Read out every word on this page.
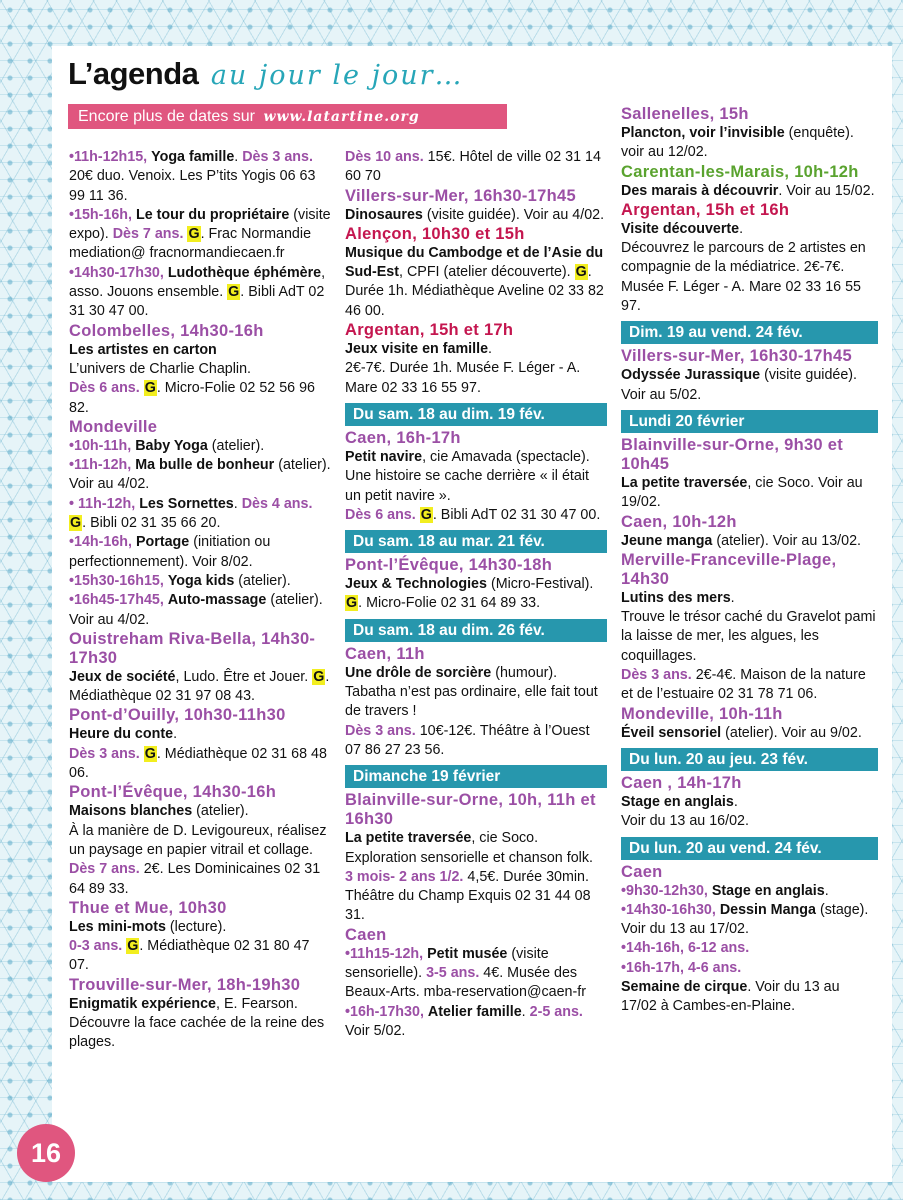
L’agenda au jour le jour…
Encore plus de dates sur www.latartine.org

•11h-12h15, Yoga famille. Dès 3 ans. 20€ duo. Venoix. Les P’tits Yogis 06 63 99 11 36.

•15h-16h, Le tour du propriétaire (visite expo). Dès 7 ans. G. Frac Normandie mediation@ fracnormandiecaen.fr

•14h30-17h30, Ludothèque éphémère, asso. Jouons ensemble. G. Bibli AdT 02 31 30 47 00.

Colombelles, 14h30-16h

Les artistes en carton
L’univers de Charlie Chaplin.
Dès 6 ans. G. Micro-Folie 02 52 56 96 82.

Mondeville

•10h-11h, Baby Yoga (atelier).

•11h-12h, Ma bulle de bonheur (atelier).
Voir au 4/02.

• 11h-12h, Les Sornettes. Dès 4 ans. G. Bibli 02 31 35 66 20.

•14h-16h, Portage (initiation ou perfectionnement). Voir 8/02.

•15h30-16h15, Yoga kids (atelier).

•16h45-17h45, Auto-massage (atelier). Voir au 4/02.

Ouistreham Riva-Bella, 14h30-17h30

Jeux de société, Ludo. Être et Jouer. G. Médiathèque 02 31 97 08 43.

Pont-d’Ouilly, 10h30-11h30

Heure du conte.
Dès 3 ans. G. Médiathèque 02 31 68 48 06.

Pont-l’Évêque, 14h30-16h

Maisons blanches (atelier).
À la manière de D. Levigoureux, réalisez un paysage en papier vitrail et collage.
Dès 7 ans. 2€. Les Dominicaines 02 31 64 89 33.

Thue et Mue, 10h30

Les mini-mots (lecture).
0-3 ans. G. Médiathèque 02 31 80 47 07.

Trouville-sur-Mer, 18h-19h30

Enigmatik expérience, E. Fearson.
Découvre la face cachée de la reine des plages.

Dès 10 ans. 15€. Hôtel de ville 02 31 14 60 70

Villers-sur-Mer, 16h30-17h45

Dinosaures (visite guidée). Voir au 4/02.

Alençon, 10h30 et 15h

Musique du Cambodge et de l’Asie du Sud-Est, CPFI (atelier découverte). G. Durée 1h. Médiathèque Aveline 02 33 82 46 00.

Argentan, 15h et 17h

Jeux visite en famille.
2€-7€. Durée 1h. Musée F. Léger - A. Mare 02 33 16 55 97.

Du sam. 18 au dim. 19 fév.
Caen, 16h-17h

Petit navire, cie Amavada (spectacle).
Une histoire se cache derrière « il était un petit navire ».
Dès 6 ans. G. Bibli AdT 02 31 30 47 00.

Du sam. 18 au mar. 21 fév.
Pont-l’Évêque, 14h30-18h

Jeux & Technologies (Micro-Festival).
G. Micro-Folie 02 31 64 89 33.

Du sam. 18 au dim. 26 fév.
Caen, 11h

Une drôle de sorcière (humour).
Tabatha n’est pas ordinaire, elle fait tout de travers !
Dès 3 ans. 10€-12€. Théâtre à l’Ouest 07 86 27 23 56.

Dimanche 19 février
Blainville-sur-Orne, 10h, 11h et 16h30

La petite traversée, cie Soco.
Exploration sensorielle et chanson folk.
3 mois- 2 ans 1/2. 4,5€. Durée 30min. Théâtre du Champ Exquis 02 31 44 08 31.

Caen

•11h15-12h, Petit musée (visite sensorielle). 3-5 ans. 4€. Musée des Beaux-Arts. mba-reservation@caen-fr

•16h-17h30, Atelier famille. 2-5 ans. Voir 5/02.

Sallenelles, 15h

Plancton, voir l’invisible (enquête). voir au 12/02.

Carentan-les-Marais, 10h-12h

Des marais à découvrir. Voir au 15/02.

Argentan, 15h et 16h

Visite découverte.
Découvrez le parcours de 2 artistes en compagnie de la médiatrice. 2€-7€. Musée F. Léger - A. Mare 02 33 16 55 97.

Dim. 19 au vend. 24 fév.
Villers-sur-Mer, 16h30-17h45

Odyssée Jurassique (visite guidée). Voir au 5/02.

Lundi 20 février
Blainville-sur-Orne, 9h30 et 10h45

La petite traversée, cie Soco. Voir au 19/02.

Caen, 10h-12h

Jeune manga (atelier). Voir au 13/02.

Merville-Franceville-Plage, 14h30

Lutins des mers.
Trouve le trésor caché du Gravelot pami la laisse de mer, les algues, les coquillages.
Dès 3 ans. 2€-4€. Maison de la nature et de l’estuaire 02 31 78 71 06.

Mondeville, 10h-11h

Éveil sensoriel (atelier). Voir au 9/02.

Du lun. 20 au jeu. 23 fév.
Caen , 14h-17h

Stage en anglais.
Voir du 13 au 16/02.

Du lun. 20 au vend. 24 fév.
Caen

•9h30-12h30, Stage en anglais.

•14h30-16h30, Dessin Manga (stage). Voir du 13 au 17/02.

•14h-16h, 6-12 ans.

•16h-17h, 4-6 ans.

Semaine de cirque. Voir du 13 au 17/02 à Cambes-en-Plaine.

16
